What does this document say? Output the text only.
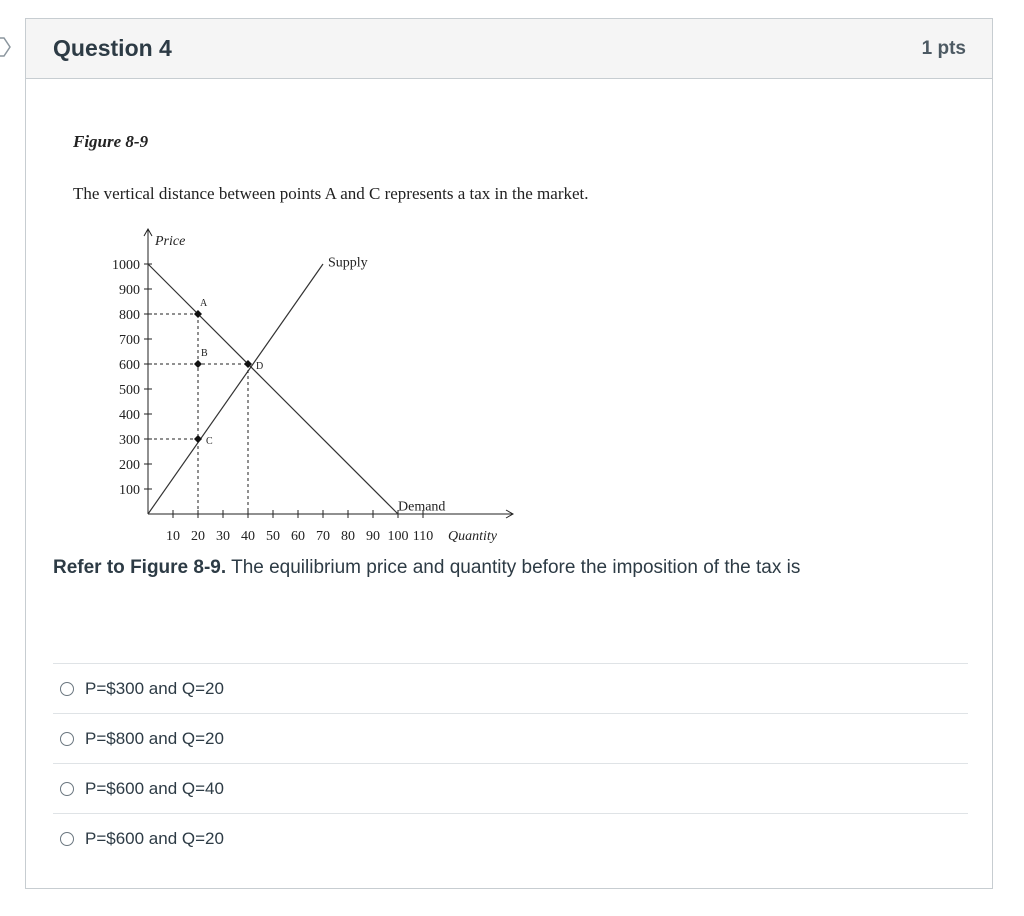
Question 4	1 pts
Figure 8-9
The vertical distance between points A and C represents a tax in the market.
100
200
300
400
500
600
700
800
900
1000
10 20 30 40 50 60 70 80 90 100 110
Price
Quantity
Supply
Demand
A
B
C
D
Refer to Figure 8-9. The equilibrium price and quantity before the imposition of the tax is
P=$300 and Q=20
P=$800 and Q=20
P=$600 and Q=40
P=$600 and Q=20
